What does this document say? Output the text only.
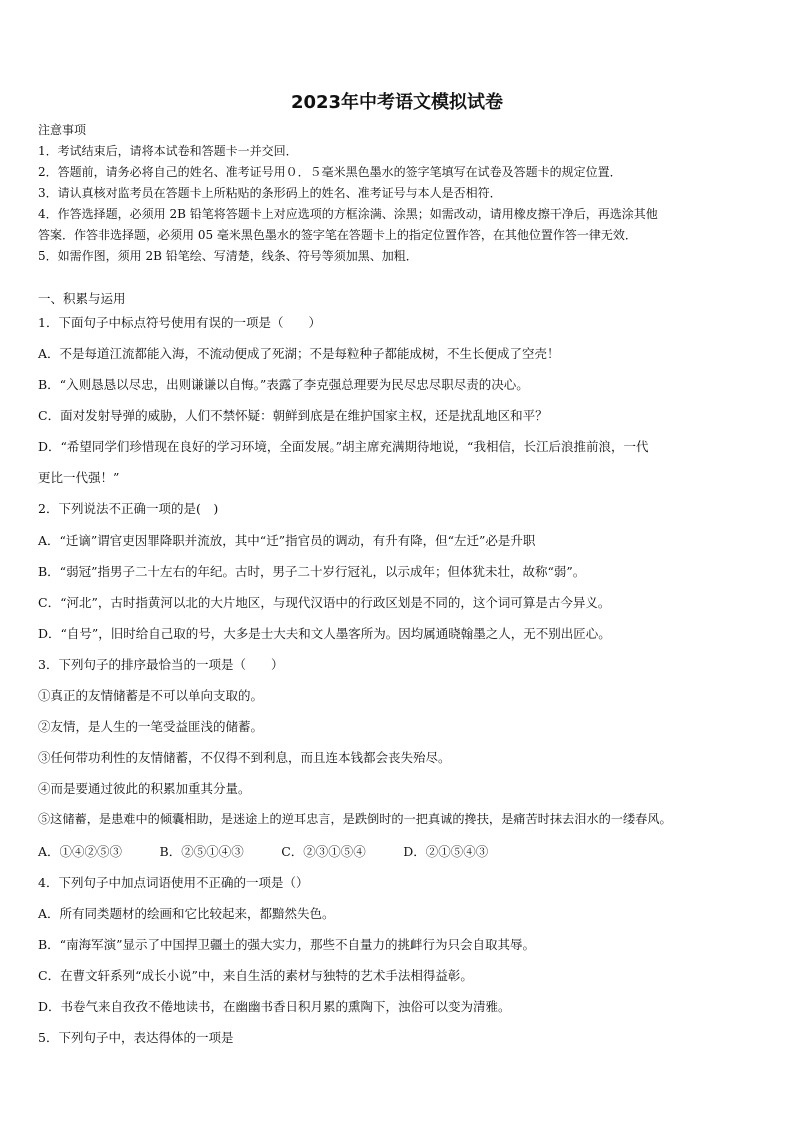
2023年中考语文模拟试卷
注意事项
1．考试结束后，请将本试卷和答题卡一并交回．
2．答题前，请务必将自己的姓名、准考证号用０．５毫米黑色墨水的签字笔填写在试卷及答题卡的规定位置．
3．请认真核对监考员在答题卡上所粘贴的条形码上的姓名、准考证号与本人是否相符．
4．作答选择题，必须用 2B 铅笔将答题卡上对应选项的方框涂满、涂黑；如需改动，请用橡皮擦干净后，再选涂其他
答案．作答非选择题，必须用 05 毫米黑色墨水的签字笔在答题卡上的指定位置作答，在其他位置作答一律无效．
5．如需作图，须用 2B 铅笔绘、写清楚，线条、符号等须加黑、加粗．
一、积累与运用
1．下面句子中标点符号使用有误的一项是（　　）
A．不是每道江流都能入海，不流动便成了死湖；不是每粒种子都能成树，不生长便成了空壳！
B．“入则恳恳以尽忠，出则谦谦以自悔。”表露了李克强总理要为民尽忠尽职尽责的决心。
C．面对发射导弹的威胁，人们不禁怀疑：朝鲜到底是在维护国家主权，还是扰乱地区和平？
D．“希望同学们珍惜现在良好的学习环境，全面发展。”胡主席充满期待地说，“我相信，长江后浪推前浪，一代
更比一代强！”
2．下列说法不正确一项的是(　)
A．“迁谪”谓官吏因罪降职并流放，其中“迁”指官员的调动，有升有降，但“左迁”必是升职
B．“弱冠”指男子二十左右的年纪。古时，男子二十岁行冠礼，以示成年；但体犹未壮，故称“弱”。
C．“河北”，古时指黄河以北的大片地区，与现代汉语中的行政区划是不同的，这个词可算是古今异义。
D．“自号”，旧时给自己取的号，大多是士大夫和文人墨客所为。因均属通晓翰墨之人，无不别出匠心。
3．下列句子的排序最恰当的一项是（　　）
①真正的友情储蓄是不可以单向支取的。
②友情，是人生的一笔受益匪浅的储蓄。
③任何带功利性的友情储蓄，不仅得不到利息，而且连本钱都会丧失殆尽。
④而是要通过彼此的积累加重其分量。
⑤这储蓄，是患难中的倾囊相助，是迷途上的逆耳忠言，是跌倒时的一把真诚的搀扶，是痛苦时抹去泪水的一缕春风。
A．①④②⑤③　　　B．②⑤①④③　　　C．②③①⑤④　　　D．②①⑤④③
4．下列句子中加点词语使用不正确的一项是（）
A．所有同类题材的绘画和它比较起来，都黯然失色。
B．“南海军演”显示了中国捍卫疆土的强大实力，那些不自量力的挑衅行为只会自取其辱。
C．在曹文轩系列“成长小说”中，来自生活的素材与独特的艺术手法相得益彰。
D．书卷气来自孜孜不倦地读书，在幽幽书香日积月累的熏陶下，浊俗可以变为清雅。
5．下列句子中，表达得体的一项是
